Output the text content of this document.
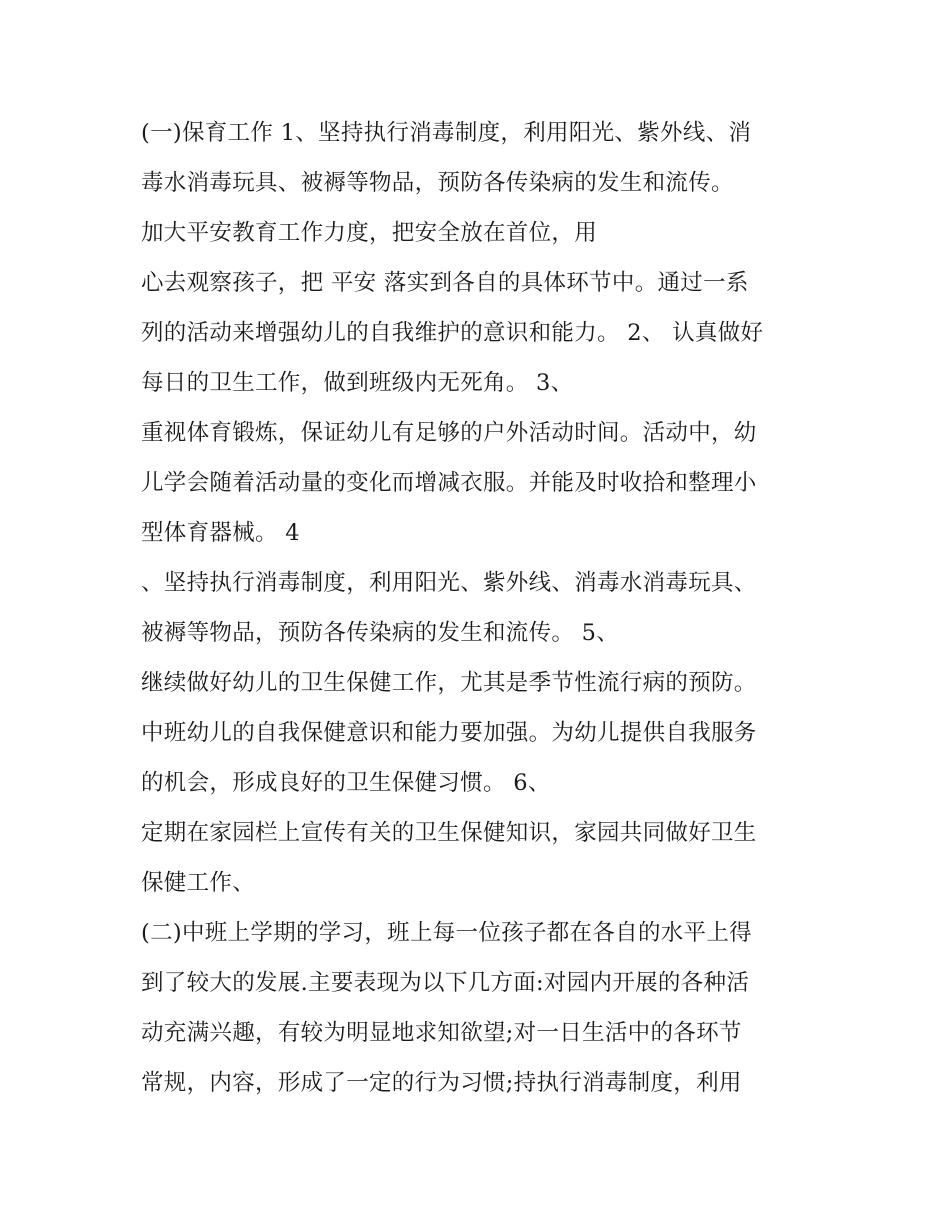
(一)保育工作 1、坚持执行消毒制度，利用阳光、紫外线、消
毒水消毒玩具、被褥等物品，预防各传染病的发生和流传。
加大平安教育工作力度，把安全放在首位，用
心去观察孩子，把 平安 落实到各自的具体环节中。通过一系
列的活动来增强幼儿的自我维护的意识和能力。 2、 认真做好
每日的卫生工作，做到班级内无死角。 3、
重视体育锻炼，保证幼儿有足够的户外活动时间。活动中，幼
儿学会随着活动量的变化而增减衣服。并能及时收拾和整理小
型体育器械。 4
、坚持执行消毒制度，利用阳光、紫外线、消毒水消毒玩具、
被褥等物品，预防各传染病的发生和流传。 5、
继续做好幼儿的卫生保健工作，尤其是季节性流行病的预防。
中班幼儿的自我保健意识和能力要加强。为幼儿提供自我服务
的机会，形成良好的卫生保健习惯。 6、
定期在家园栏上宣传有关的卫生保健知识，家园共同做好卫生
保健工作、
(二)中班上学期的学习，班上每一位孩子都在各自的水平上得
到了较大的发展.主要表现为以下几方面:对园内开展的各种活
动充满兴趣，有较为明显地求知欲望;对一日生活中的各环节
常规，内容，形成了一定的行为习惯;持执行消毒制度，利用
